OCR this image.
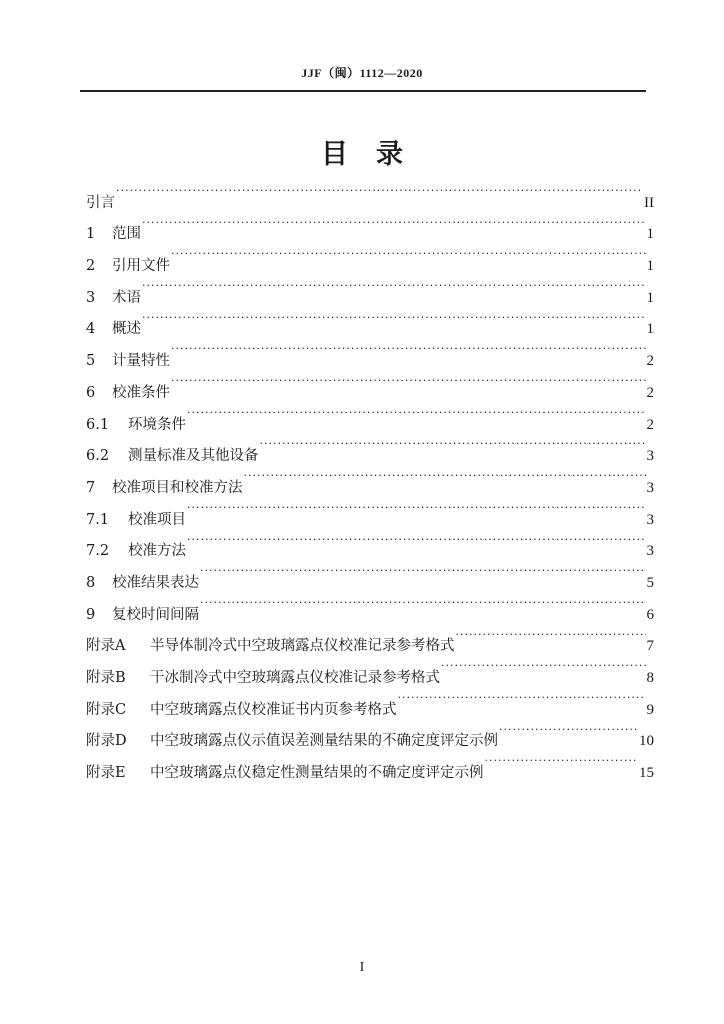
JJF（闽）1112—2020
目录
引言 ·····	II
1	范围 ·····	1
2	引用文件 ·····	1
3	术语 ·····	1
4	概述 ·····	1
5	计量特性 ·····	2
6	校准条件 ·····	2
6.1	环境条件 ·····	2
6.2	测量标准及其他设备 ·····	3
7	校准项目和校准方法 ·····	3
7.1	校准项目 ·····	3
7.2	校准方法 ·····	3
8	校准结果表达 ·····	5
9	复校时间间隔 ·····	6
附录A	半导体制冷式中空玻璃露点仪校准记录参考格式 ·····	7
附录B	干冰制冷式中空玻璃露点仪校准记录参考格式 ·····	8
附录C	中空玻璃露点仪校准证书内页参考格式 ·····	9
附录D	中空玻璃露点仪示值误差测量结果的不确定度评定示例 ·····	10
附录E	中空玻璃露点仪稳定性测量结果的不确定度评定示例 ·····	15
I
